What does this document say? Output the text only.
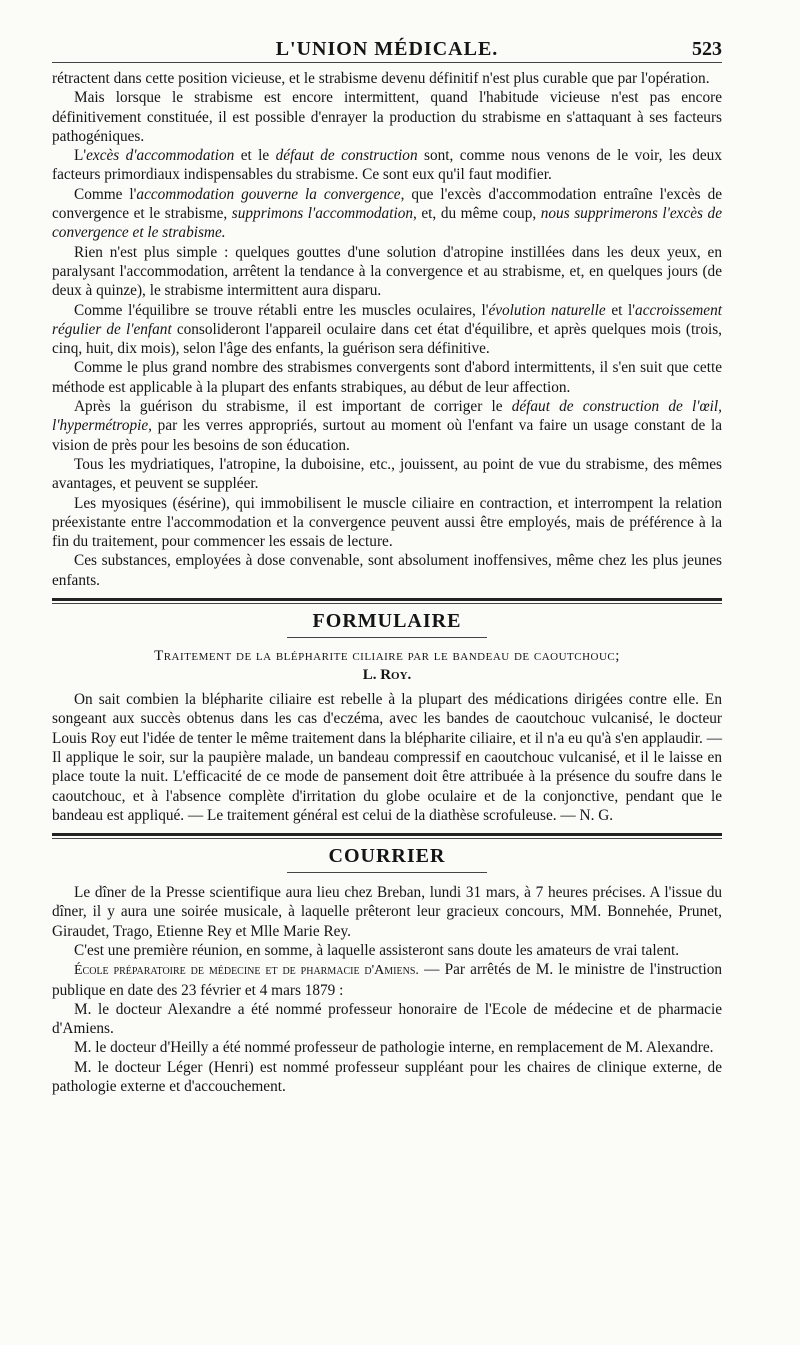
L'UNION MÉDICALE.	523

rétractent dans cette position vicieuse, et le strabisme devenu définitif n'est plus curable que par l'opération.

Mais lorsque le strabisme est encore intermittent, quand l'habitude vicieuse n'est pas encore définitivement constituée, il est possible d'enrayer la production du strabisme en s'attaquant à ses facteurs pathogéniques.

L'excès d'accommodation et le défaut de construction sont, comme nous venons de le voir, les deux facteurs primordiaux indispensables du strabisme. Ce sont eux qu'il faut modifier.

Comme l'accommodation gouverne la convergence, que l'excès d'accommodation entraîne l'excès de convergence et le strabisme, supprimons l'accommodation, et, du même coup, nous supprimerons l'excès de convergence et le strabisme.

Rien n'est plus simple : quelques gouttes d'une solution d'atropine instillées dans les deux yeux, en paralysant l'accommodation, arrêtent la tendance à la convergence et au strabisme, et, en quelques jours (de deux à quinze), le strabisme intermittent aura disparu.

Comme l'équilibre se trouve rétabli entre les muscles oculaires, l'évolution naturelle et l'accroissement régulier de l'enfant consolideront l'appareil oculaire dans cet état d'équilibre, et après quelques mois (trois, cinq, huit, dix mois), selon l'âge des enfants, la guérison sera définitive.

Comme le plus grand nombre des strabismes convergents sont d'abord intermittents, il s'en suit que cette méthode est applicable à la plupart des enfants strabiques, au début de leur affection.

Après la guérison du strabisme, il est important de corriger le défaut de construction de l'œil, l'hypermétropie, par les verres appropriés, surtout au moment où l'enfant va faire un usage constant de la vision de près pour les besoins de son éducation.

Tous les mydriatiques, l'atropine, la duboisine, etc., jouissent, au point de vue du strabisme, des mêmes avantages, et peuvent se suppléer.

Les myosiques (ésérine), qui immobilisent le muscle ciliaire en contraction, et interrompent la relation préexistante entre l'accommodation et la convergence peuvent aussi être employés, mais de préférence à la fin du traitement, pour commencer les essais de lecture.

Ces substances, employées à dose convenable, sont absolument inoffensives, même chez les plus jeunes enfants.

FORMULAIRE

Traitement de la blépharite ciliaire par le bandeau de caoutchouc;

L. Roy.

On sait combien la blépharite ciliaire est rebelle à la plupart des médications dirigées contre elle. En songeant aux succès obtenus dans les cas d'eczéma, avec les bandes de caoutchouc vulcanisé, le docteur Louis Roy eut l'idée de tenter le même traitement dans la blépharite ciliaire, et il n'a eu qu'à s'en applaudir. — Il applique le soir, sur la paupière malade, un bandeau compressif en caoutchouc vulcanisé, et il le laisse en place toute la nuit. L'efficacité de ce mode de pansement doit être attribuée à la présence du soufre dans le caoutchouc, et à l'absence complète d'irritation du globe oculaire et de la conjonctive, pendant que le bandeau est appliqué. — Le traitement général est celui de la diathèse scrofuleuse. — N. G.

COURRIER

Le dîner de la Presse scientifique aura lieu chez Breban, lundi 31 mars, à 7 heures précises. A l'issue du dîner, il y aura une soirée musicale, à laquelle prêteront leur gracieux concours, MM. Bonnehée, Prunet, Giraudet, Trago, Etienne Rey et Mlle Marie Rey.

C'est une première réunion, en somme, à laquelle assisteront sans doute les amateurs de vrai talent.

École préparatoire de médecine et de pharmacie d'Amiens. — Par arrêtés de M. le ministre de l'instruction publique en date des 23 février et 4 mars 1879 :

M. le docteur Alexandre a été nommé professeur honoraire de l'Ecole de médecine et de pharmacie d'Amiens.

M. le docteur d'Heilly a été nommé professeur de pathologie interne, en remplacement de M. Alexandre.

M. le docteur Léger (Henri) est nommé professeur suppléant pour les chaires de clinique externe, de pathologie externe et d'accouchement.
